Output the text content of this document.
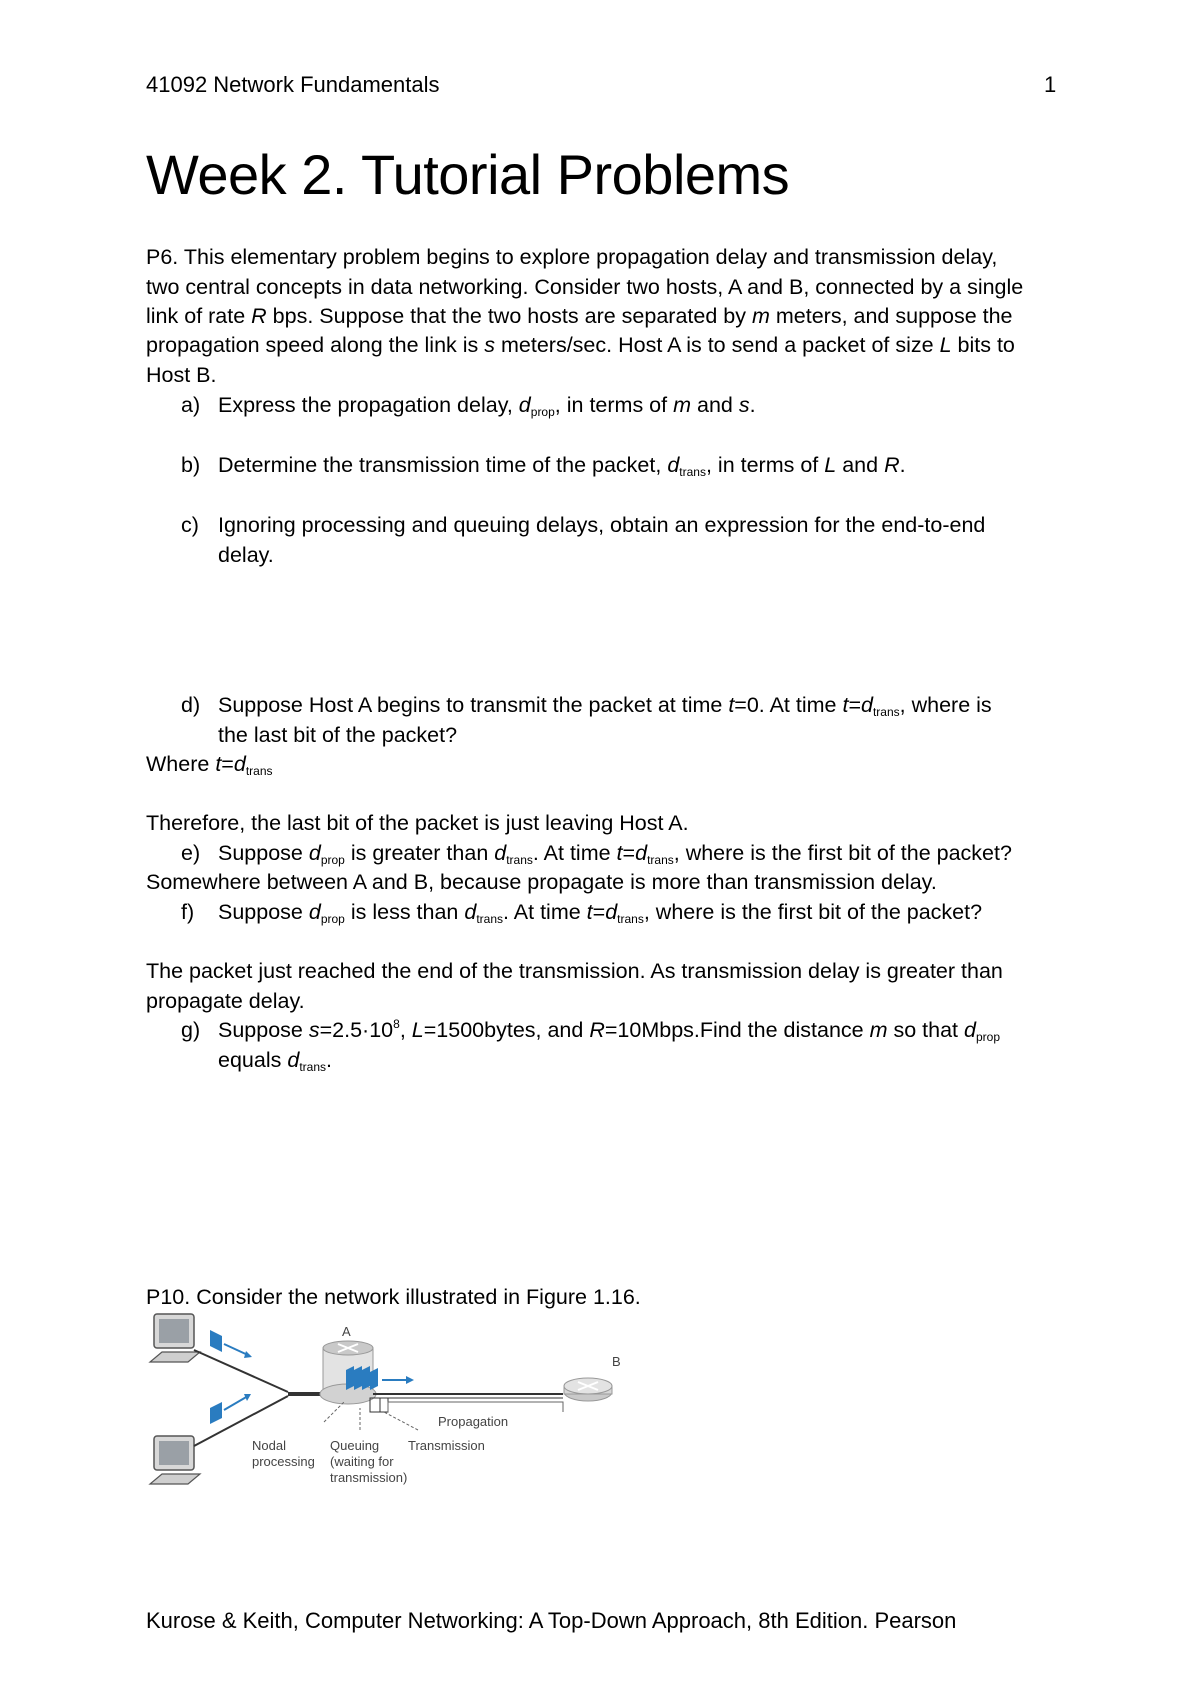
41092 Network Fundamentals	1
Week 2. Tutorial Problems
P6. This elementary problem begins to explore propagation delay and transmission delay,
two central concepts in data networking. Consider two hosts, A and B, connected by a single
link of rate R bps. Suppose that the two hosts are separated by m meters, and suppose the
propagation speed along the link is s meters/sec. Host A is to send a packet of size L bits to
Host B.
a) Express the propagation delay, $d_{prop}$, in terms of m and s.
b) Determine the transmission time of the packet, $d_{trans}$, in terms of L and R.
c) Ignoring processing and queuing delays, obtain an expression for the end-to-end
delay.
d) Suppose Host A begins to transmit the packet at time t=0. At time $t=d_{trans}$, where is
the last bit of the packet?
Where $t=d_{trans}$
Therefore, the last bit of the packet is just leaving Host A.
e) Suppose $d_{prop}$ is greater than $d_{trans}$. At time $t=d_{trans}$, where is the first bit of the packet?
Somewhere between A and B, because propagate is more than transmission delay.
f) Suppose $d_{prop}$ is less than $d_{trans}$. At time $t=d_{trans}$, where is the first bit of the packet?
The packet just reached the end of the transmission. As transmission delay is greater than
propagate delay.
g) Suppose $s=2.5\cdot 10^8$, L=1500bytes, and R=10Mbps.Find the distance m so that $d_{prop}$
equals $d_{trans}$.
P10. Consider the network illustrated in Figure 1.16.
A
B
Propagation
Nodal
processing
Queuing
(waiting for
transmission)
Transmission
Kurose & Keith, Computer Networking: A Top-Down Approach, 8th Edition. Pearson
